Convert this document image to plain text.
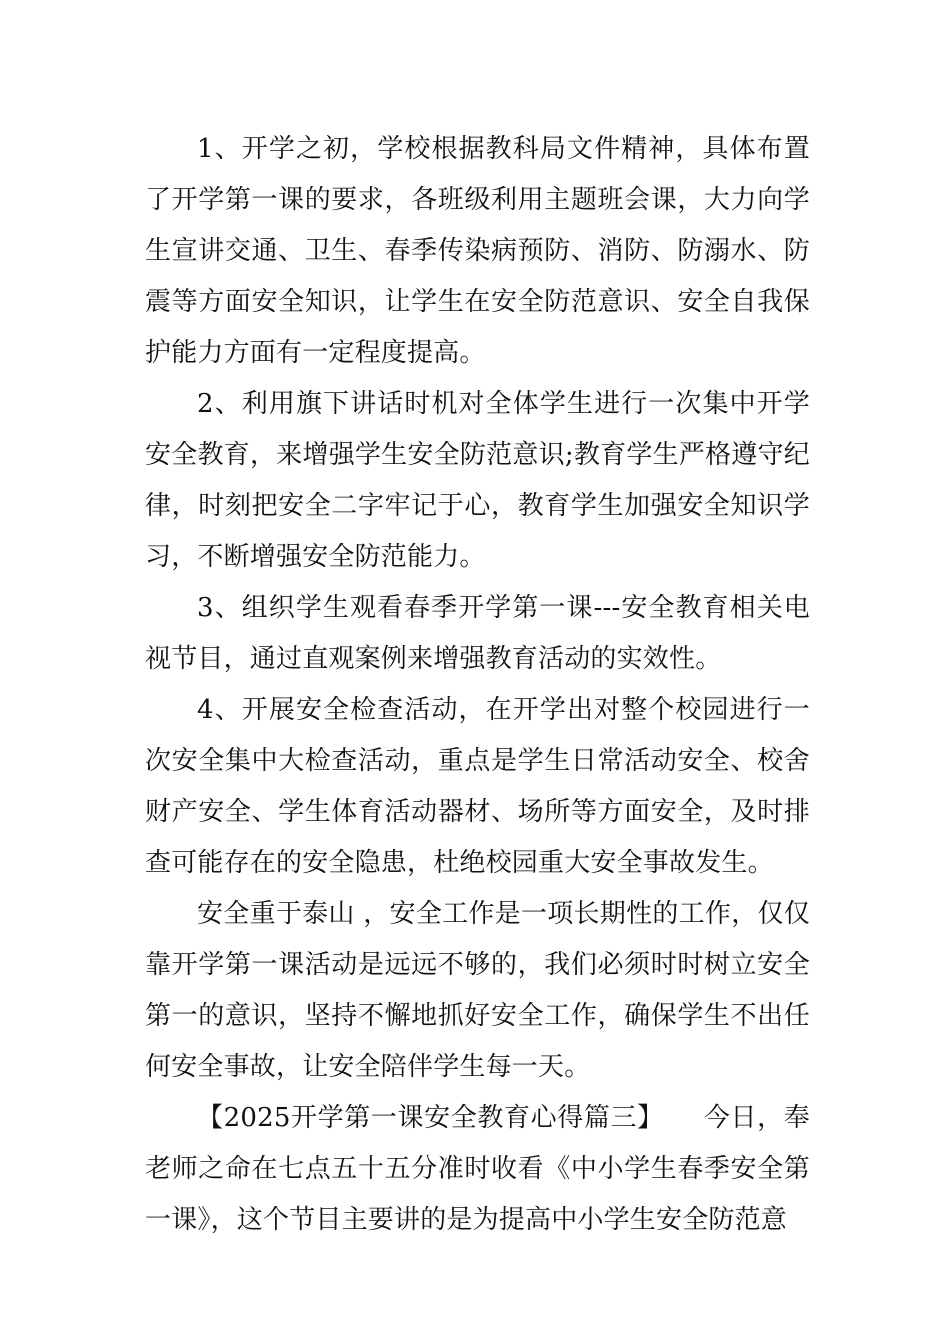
1、开学之初，学校根据教科局文件精神，具体布置了开学第一课的要求，各班级利用主题班会课，大力向学生宣讲交通、卫生、春季传染病预防、消防、防溺水、防震等方面安全知识，让学生在安全防范意识、安全自我保护能力方面有一定程度提高。

2、利用旗下讲话时机对全体学生进行一次集中开学安全教育，来增强学生安全防范意识;教育学生严格遵守纪律，时刻把安全二字牢记于心，教育学生加强安全知识学习，不断增强安全防范能力。

3、组织学生观看春季开学第一课---安全教育相关电视节目，通过直观案例来增强教育活动的实效性。

4、开展安全检查活动，在开学出对整个校园进行一次安全集中大检查活动，重点是学生日常活动安全、校舍财产安全、学生体育活动器材、场所等方面安全，及时排查可能存在的安全隐患，杜绝校园重大安全事故发生。

安全重于泰山 ，安全工作是一项长期性的工作，仅仅靠开学第一课活动是远远不够的，我们必须时时树立安全第一的意识，坚持不懈地抓好安全工作，确保学生不出任何安全事故，让安全陪伴学生每一天。

【2025开学第一课安全教育心得篇三】　　今日，奉老师之命在七点五十五分准时收看《中小学生春季安全第一课》，这个节目主要讲的是为提高中小学生安全防范意
